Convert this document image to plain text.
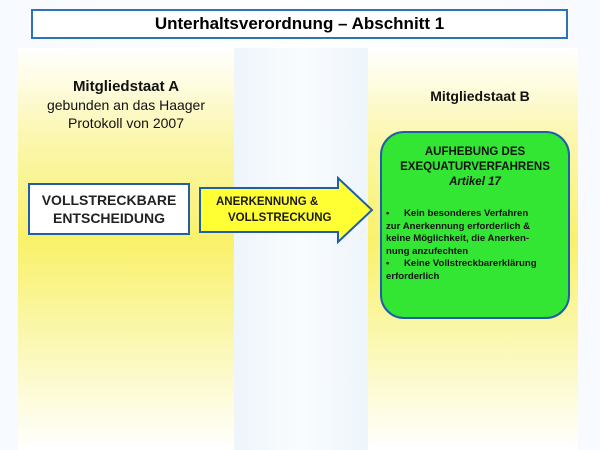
Unterhaltsverordnung – Abschnitt 1
Mitgliedstaat A
gebunden an das Haager
Protokoll von 2007
Mitgliedstaat B
VOLLSTRECKBARE
ENTSCHEIDUNG
ANERKENNUNG &
VOLLSTRECKUNG
AUFHEBUNG DES
EXEQUATURVERFAHRENS
Artikel 17
• Kein besonderes Verfahren
zur Anerkennung erforderlich &
keine Möglichkeit, die Anerken-
nung anzufechten
• Keine Vollstreckbarerklärung
erforderlich
